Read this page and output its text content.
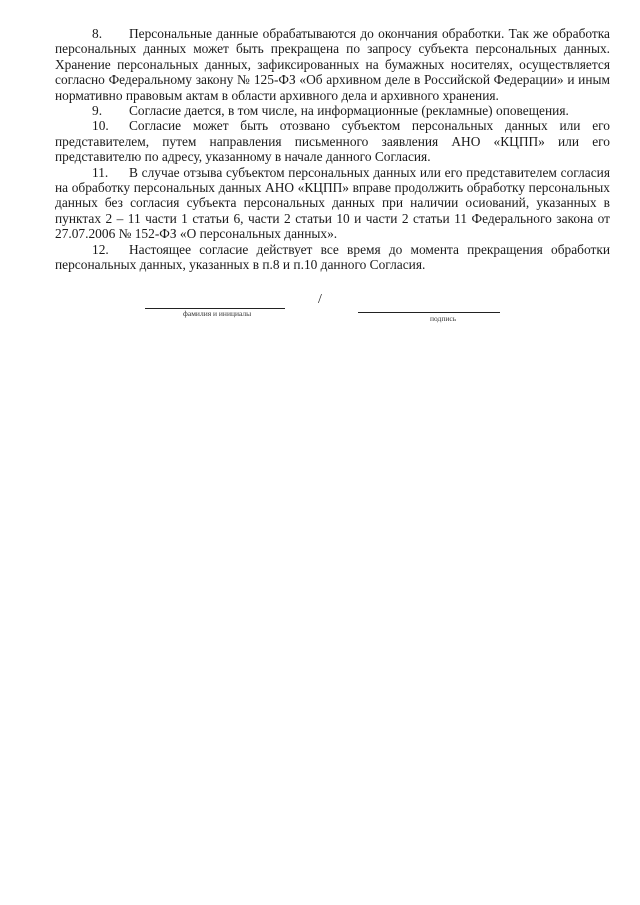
8. Персональные данные обрабатываются до окончания обработки. Так же обработка персональных данных может быть прекращена по запросу субъекта персональных данных. Хранение персональных данных, зафиксированных на бумажных носителях, осуществляется согласно Федеральному закону № 125-ФЗ «Об архивном деле в Российской Федерации» и иным нормативно правовым актам в области архивного дела и архивного хранения.

9. Согласие дается, в том числе, на информационные (рекламные) оповещения.

10. Согласие может быть отозвано субъектом персональных данных или его представителем, путем направления письменного заявления АНО «КЦПП» или его представителю по адресу, указанному в начале данного Согласия.

11. В случае отзыва субъектом персональных данных или его представителем согласия на обработку персональных данных АНО «КЦПП» вправе продолжить обработку персональных данных без согласия субъекта персональных данных при наличии осиований, указанных в пунктах 2 – 11 части 1 статьи 6, части 2 статьи 10 и части 2 статьи 11 Федерального закона от 27.07.2006 № 152-ФЗ «О персональных данных».

12. Настоящее согласие действует все время до момента прекращения обработки персональных данных, указанных в п.8 и п.10 данного Согласия.

фамилия и инициалы
/
подпись
